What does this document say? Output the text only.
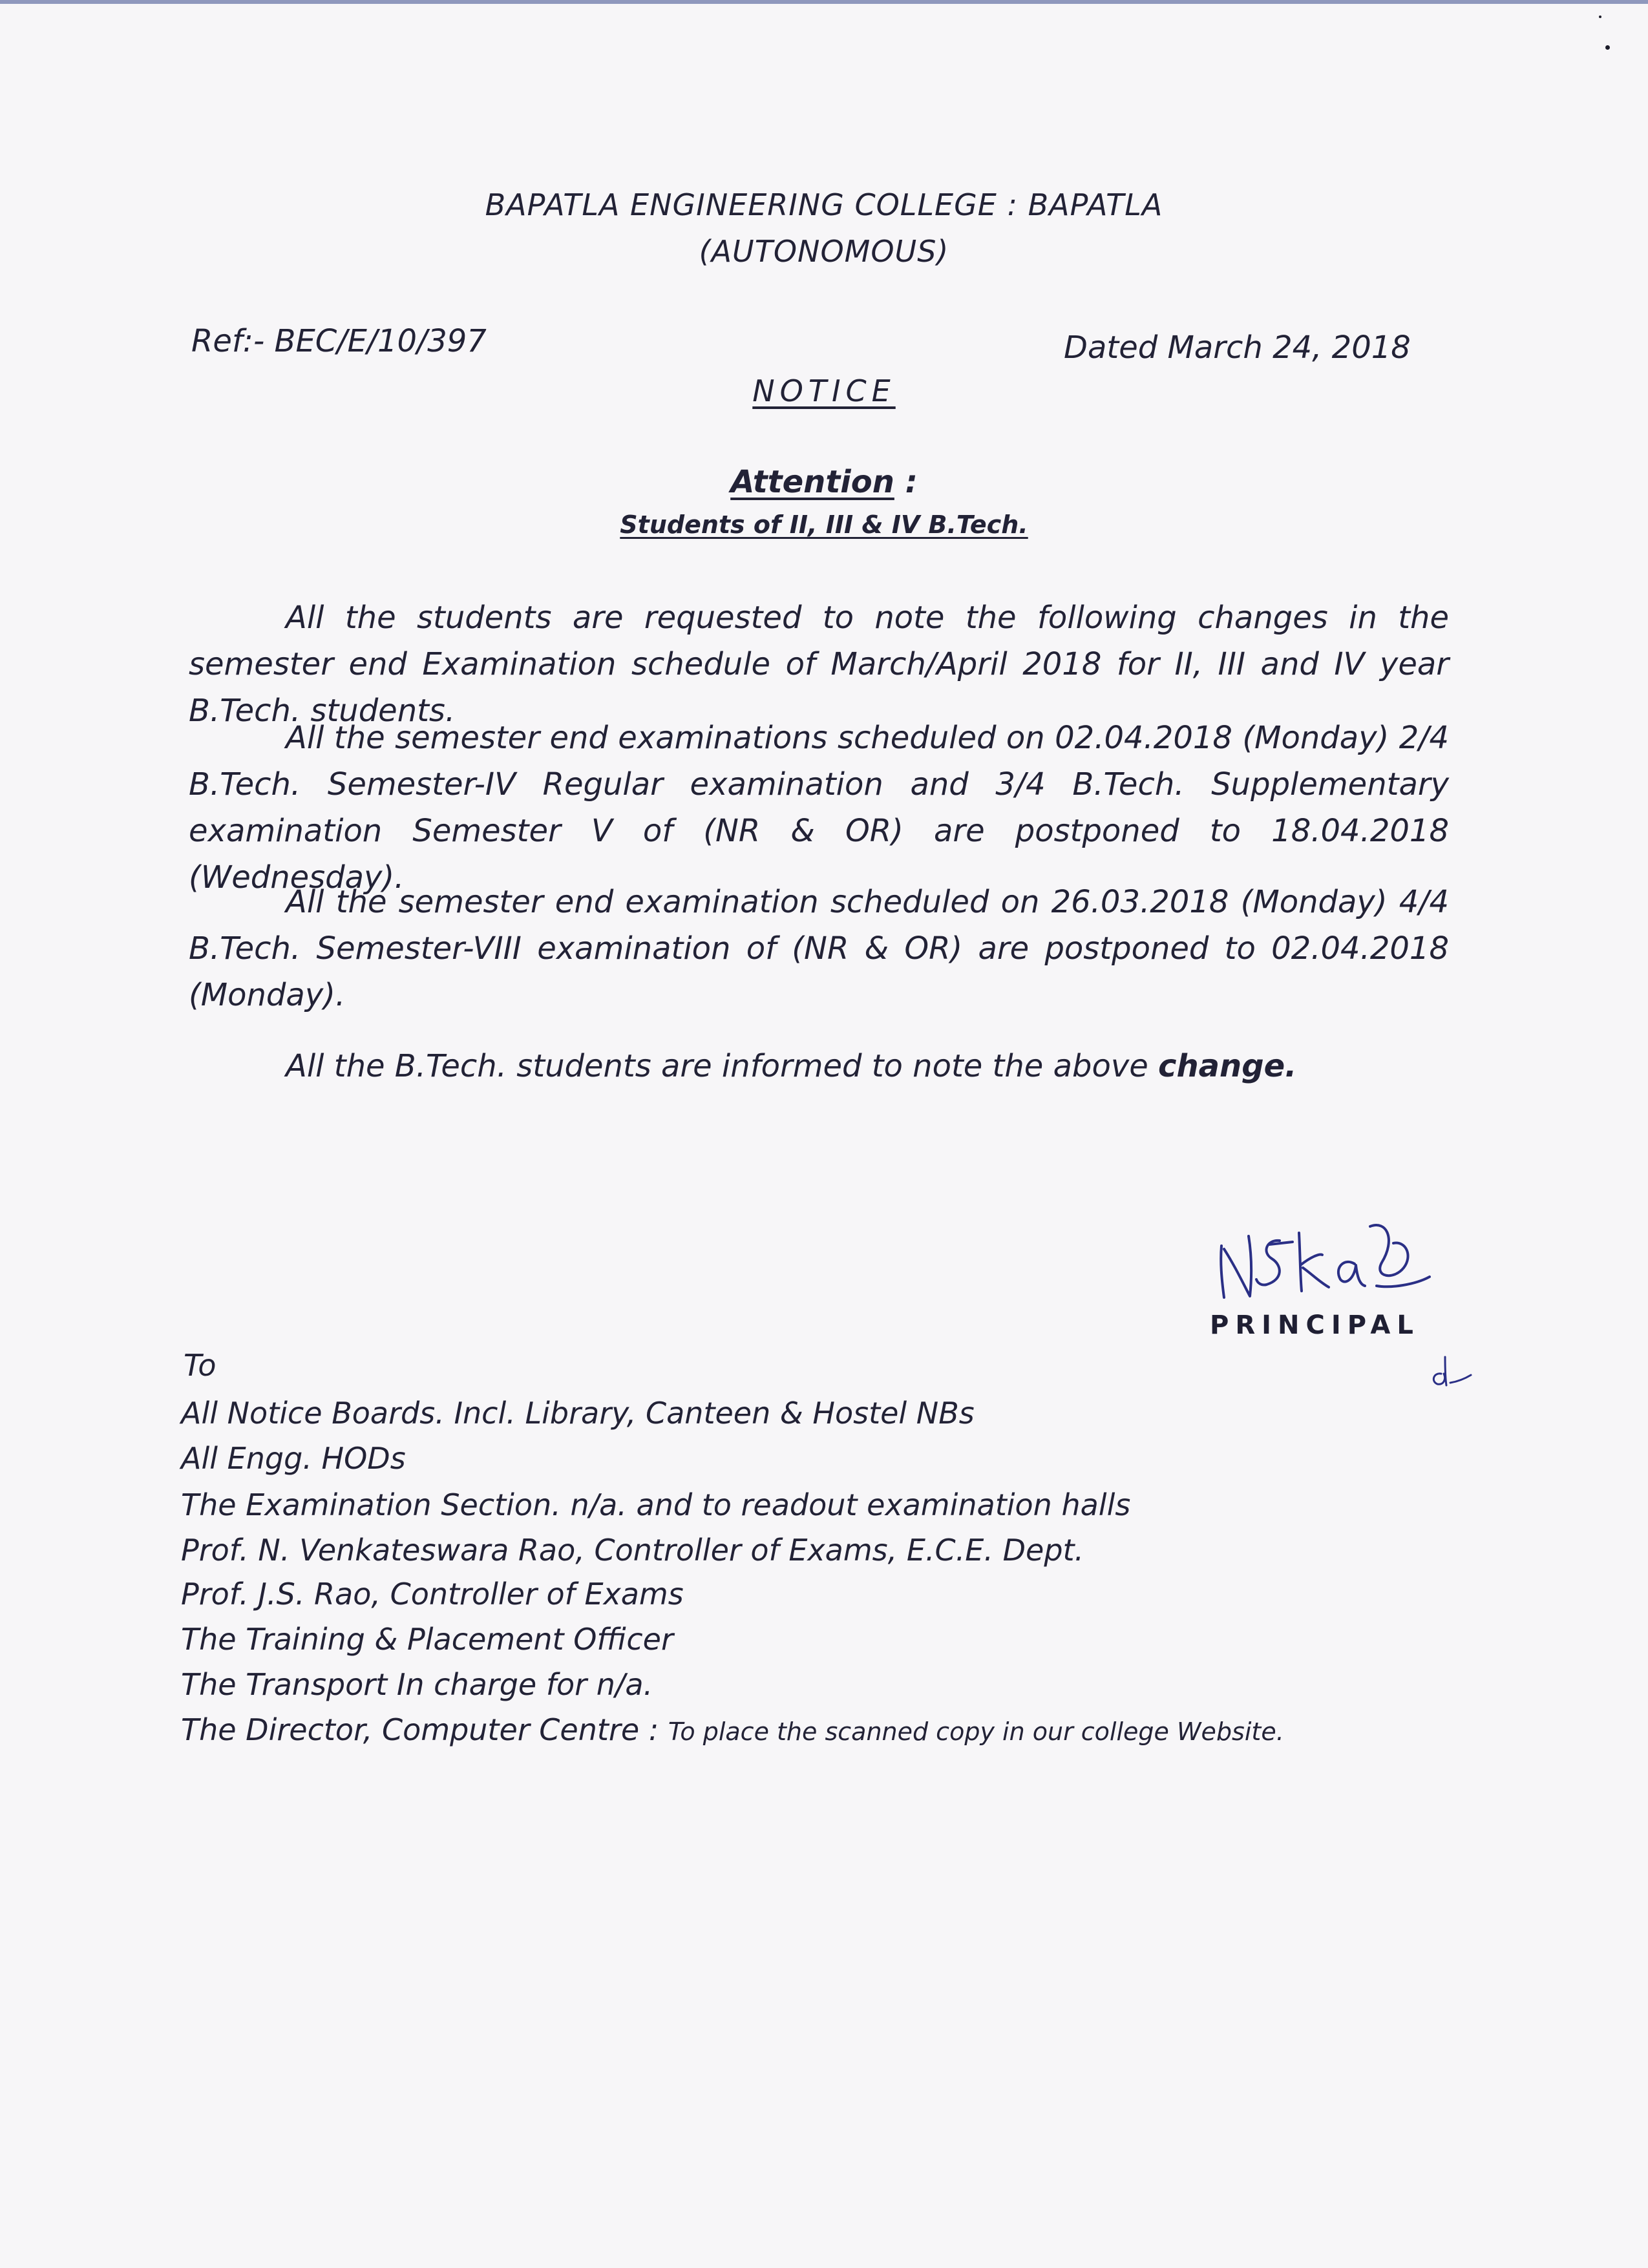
BAPATLA ENGINEERING COLLEGE : BAPATLA
(AUTONOMOUS)
Ref:- BEC/E/10/397	Dated March 24, 2018
NOTICE
Attention :
Students of II, III & IV B.Tech.
All the students are requested to note the following changes in the semester end Examination schedule of March/April 2018 for II, III and IV year B.Tech. students.
All the semester end examinations scheduled on 02.04.2018 (Monday) 2/4 B.Tech. Semester-IV Regular examination and 3/4 B.Tech. Supplementary examination Semester V of (NR & OR) are postponed to 18.04.2018 (Wednesday).
All the semester end examination scheduled on 26.03.2018 (Monday) 4/4 B.Tech. Semester-VIII examination of (NR & OR) are postponed to 02.04.2018 (Monday).
All the B.Tech. students are informed to note the above change.
PRINCIPAL
To
All Notice Boards. Incl. Library, Canteen & Hostel NBs
All Engg. HODs
The Examination Section. n/a. and to readout examination halls
Prof. N. Venkateswara Rao, Controller of Exams, E.C.E. Dept.
Prof. J.S. Rao, Controller of Exams
The Training & Placement Officer
The Transport In charge for n/a.
The Director, Computer Centre : To place the scanned copy in our college Website.
